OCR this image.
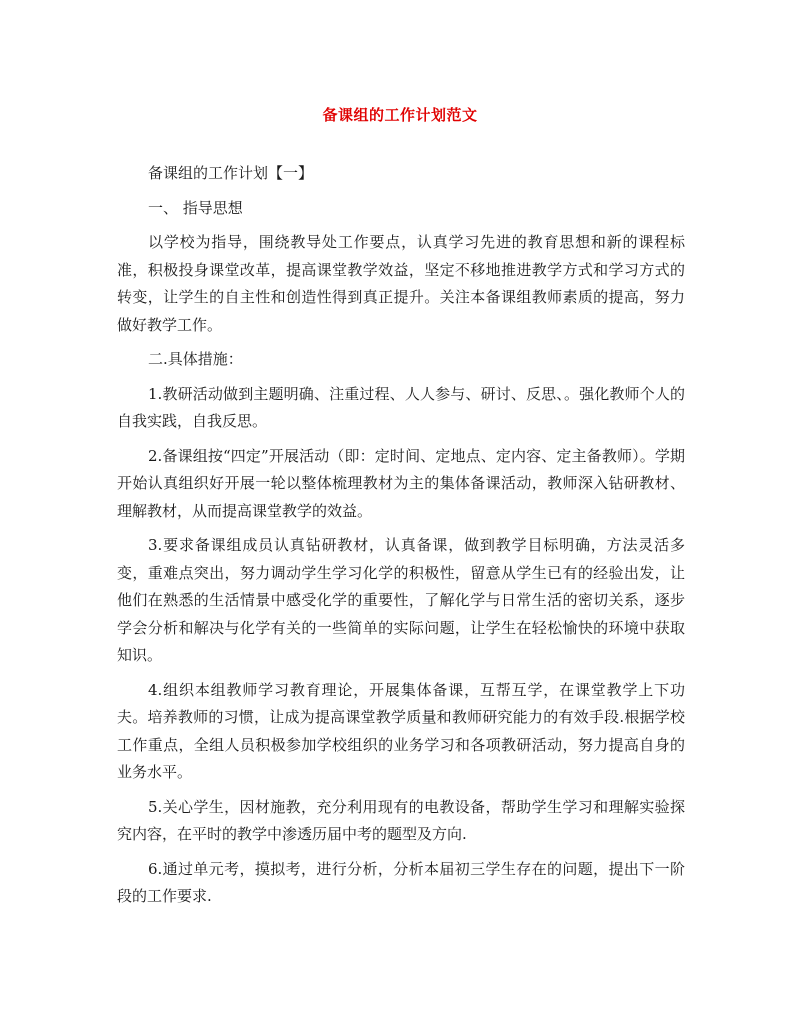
备课组的工作计划范文

备课组的工作计划【一】

一、 指导思想

以学校为指导，围绕教导处工作要点，认真学习先进的教育思想和新的课程标准，积极投身课堂改革，提高课堂教学效益，坚定不移地推进教学方式和学习方式的转变，让学生的自主性和创造性得到真正提升。关注本备课组教师素质的提高，努力做好教学工作。

二.具体措施：

1.教研活动做到主题明确、注重过程、人人参与、研讨、反思、。强化教师个人的自我实践，自我反思。

2.备课组按“四定”开展活动（即：定时间、定地点、定内容、定主备教师）。学期开始认真组织好开展一轮以整体梳理教材为主的集体备课活动，教师深入钻研教材、理解教材，从而提高课堂教学的效益。

3.要求备课组成员认真钻研教材，认真备课，做到教学目标明确，方法灵活多变，重难点突出，努力调动学生学习化学的积极性，留意从学生已有的经验出发，让他们在熟悉的生活情景中感受化学的重要性，了解化学与日常生活的密切关系，逐步学会分析和解决与化学有关的一些简单的实际问题，让学生在轻松愉快的环境中获取知识。

4.组织本组教师学习教育理论，开展集体备课，互帮互学，在课堂教学上下功夫。培养教师的习惯，让成为提高课堂教学质量和教师研究能力的有效手段.根据学校工作重点，全组人员积极参加学校组织的业务学习和各项教研活动，努力提高自身的业务水平。

5.关心学生，因材施教，充分利用现有的电教设备，帮助学生学习和理解实验探究内容，在平时的教学中渗透历届中考的题型及方向.

6.通过单元考，摸拟考，进行分析，分析本届初三学生存在的问题，提出下一阶段的工作要求.
